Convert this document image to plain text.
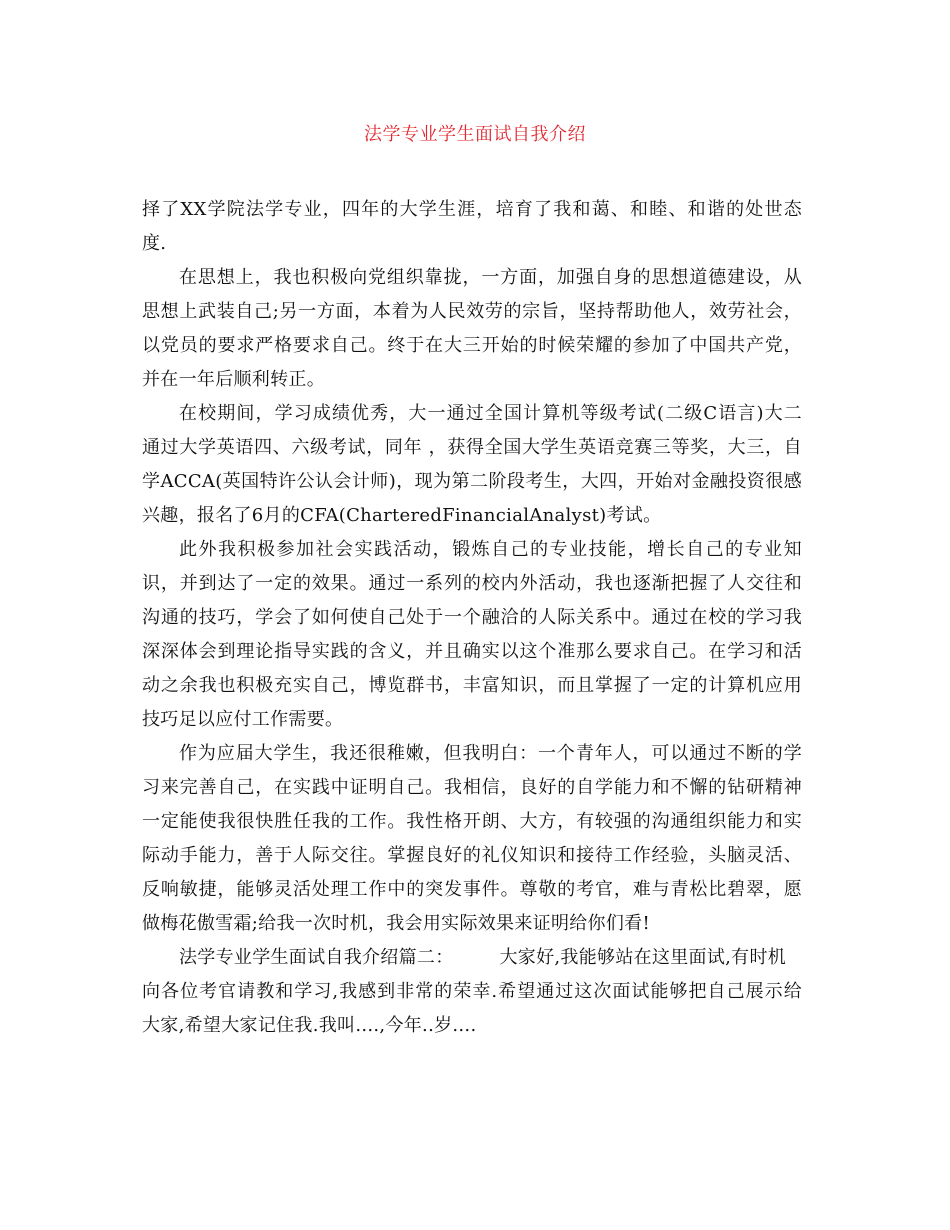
法学专业学生面试自我介绍
择了XX学院法学专业，四年的大学生涯，培育了我和蔼、和睦、和谐的处世态
度.
在思想上，我也积极向党组织靠拢，一方面，加强自身的思想道德建设，从
思想上武装自己;另一方面，本着为人民效劳的宗旨，坚持帮助他人，效劳社会，
以党员的要求严格要求自己。终于在大三开始的时候荣耀的参加了中国共产党，
并在一年后顺利转正。
在校期间，学习成绩优秀，大一通过全国计算机等级考试(二级C语言)大二
通过大学英语四、六级考试，同年 ，获得全国大学生英语竞赛三等奖，大三，自
学ACCA(英国特许公认会计师)，现为第二阶段考生，大四，开始对金融投资很感
兴趣，报名了6月的CFA(CharteredFinancialAnalyst)考试。
此外我积极参加社会实践活动，锻炼自己的专业技能，增长自己的专业知
识，并到达了一定的效果。通过一系列的校内外活动，我也逐渐把握了人交往和
沟通的技巧，学会了如何使自己处于一个融洽的人际关系中。通过在校的学习我
深深体会到理论指导实践的含义，并且确实以这个准那么要求自己。在学习和活
动之余我也积极充实自己，博览群书，丰富知识，而且掌握了一定的计算机应用
技巧足以应付工作需要。
作为应届大学生，我还很稚嫩，但我明白：一个青年人，可以通过不断的学
习来完善自己，在实践中证明自己。我相信，良好的自学能力和不懈的钻研精神
一定能使我很快胜任我的工作。我性格开朗、大方，有较强的沟通组织能力和实
际动手能力，善于人际交往。掌握良好的礼仪知识和接待工作经验，头脑灵活、
反响敏捷，能够灵活处理工作中的突发事件。尊敬的考官，难与青松比碧翠，愿
做梅花傲雪霜;给我一次时机，我会用实际效果来证明给你们看!
法学专业学生面试自我介绍篇二：	大家好,我能够站在这里面试,有时机
向各位考官请教和学习,我感到非常的荣幸.希望通过这次面试能够把自己展示给
大家,希望大家记住我.我叫....,今年..岁....
